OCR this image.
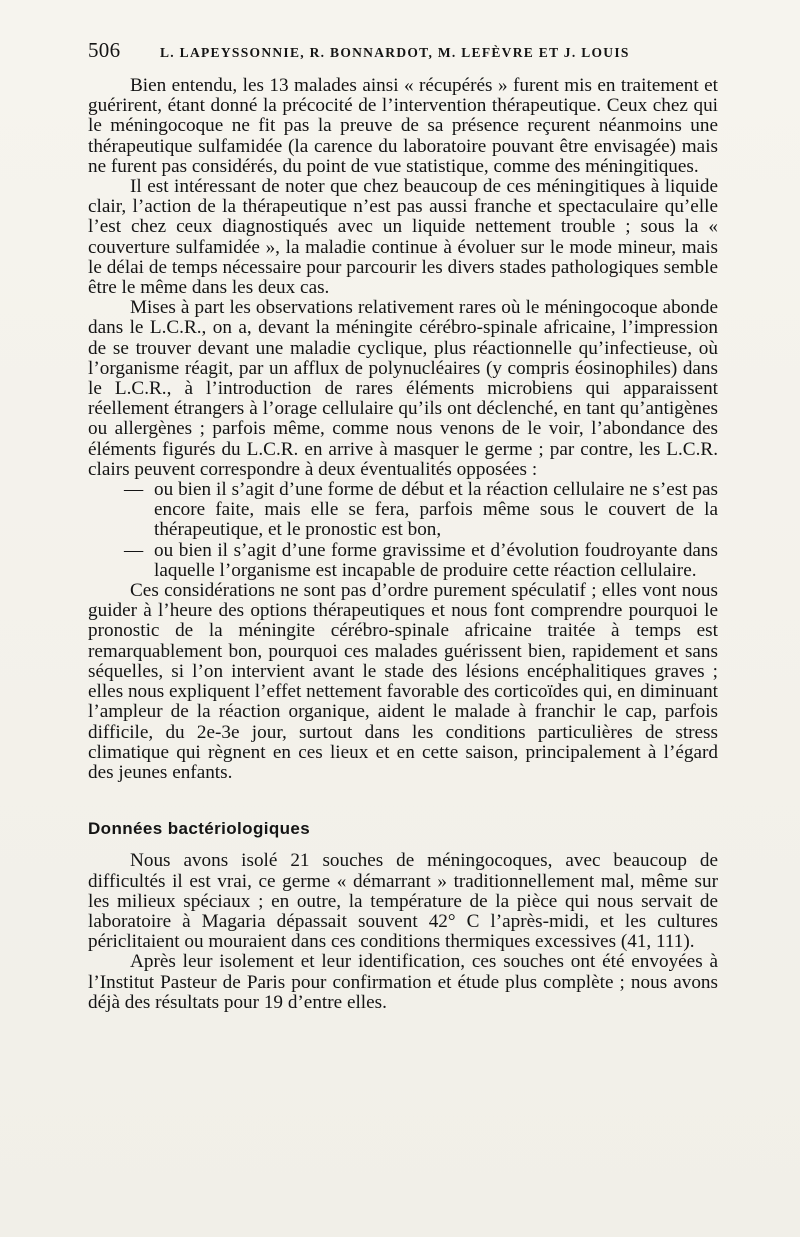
506	L. LAPEYSSONNIE, R. BONNARDOT, M. LEFÈVRE ET J. LOUIS

Bien entendu, les 13 malades ainsi « récupérés » furent mis en traitement et guérirent, étant donné la précocité de l’intervention thérapeutique. Ceux chez qui le méningocoque ne fit pas la preuve de sa présence reçurent néanmoins une thérapeutique sulfamidée (la carence du laboratoire pouvant être envisagée) mais ne furent pas considérés, du point de vue statistique, comme des méningitiques.

Il est intéressant de noter que chez beaucoup de ces méningitiques à liquide clair, l’action de la thérapeutique n’est pas aussi franche et spectaculaire qu’elle l’est chez ceux diagnostiqués avec un liquide nettement trouble ; sous la « couverture sulfamidée », la maladie continue à évoluer sur le mode mineur, mais le délai de temps nécessaire pour parcourir les divers stades pathologiques semble être le même dans les deux cas.

Mises à part les observations relativement rares où le méningocoque abonde dans le L.C.R., on a, devant la méningite cérébro-spinale africaine, l’impression de se trouver devant une maladie cyclique, plus réactionnelle qu’infectieuse, où l’organisme réagit, par un afflux de polynucléaires (y compris éosinophiles) dans le L.C.R., à l’introduction de rares éléments microbiens qui apparaissent réellement étrangers à l’orage cellulaire qu’ils ont déclenché, en tant qu’antigènes ou allergènes ; parfois même, comme nous venons de le voir, l’abondance des éléments figurés du L.C.R. en arrive à masquer le germe ; par contre, les L.C.R. clairs peuvent correspondre à deux éventualités opposées :

— ou bien il s’agit d’une forme de début et la réaction cellulaire ne s’est pas encore faite, mais elle se fera, parfois même sous le couvert de la thérapeutique, et le pronostic est bon,
— ou bien il s’agit d’une forme gravissime et d’évolution foudroyante dans laquelle l’organisme est incapable de produire cette réaction cellulaire.

Ces considérations ne sont pas d’ordre purement spéculatif ; elles vont nous guider à l’heure des options thérapeutiques et nous font comprendre pourquoi le pronostic de la méningite cérébro-spinale africaine traitée à temps est remarquablement bon, pourquoi ces malades guérissent bien, rapidement et sans séquelles, si l’on intervient avant le stade des lésions encéphalitiques graves ; elles nous expliquent l’effet nettement favorable des corticoïdes qui, en diminuant l’ampleur de la réaction organique, aident le malade à franchir le cap, parfois difficile, du 2e-3e jour, surtout dans les conditions particulières de stress climatique qui règnent en ces lieux et en cette saison, principalement à l’égard des jeunes enfants.

Données bactériologiques

Nous avons isolé 21 souches de méningocoques, avec beaucoup de difficultés il est vrai, ce germe « démarrant » traditionnellement mal, même sur les milieux spéciaux ; en outre, la température de la pièce qui nous servait de laboratoire à Magaria dépassait souvent 42° C l’après-midi, et les cultures périclitaient ou mouraient dans ces conditions thermiques excessives (41, 111).

Après leur isolement et leur identification, ces souches ont été envoyées à l’Institut Pasteur de Paris pour confirmation et étude plus complète ; nous avons déjà des résultats pour 19 d’entre elles.
